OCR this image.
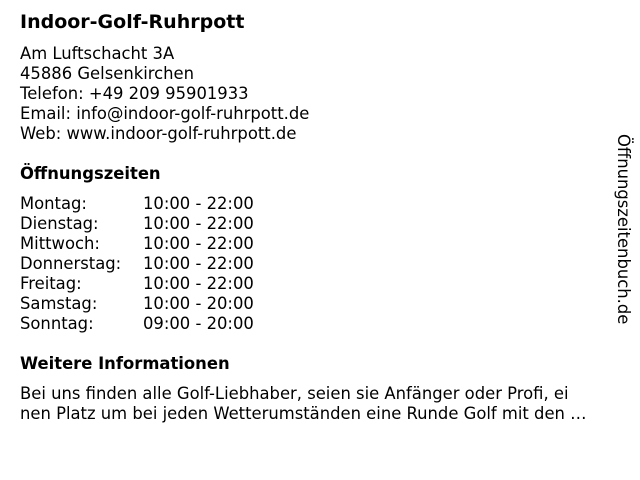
Indoor-Golf-Ruhrpott
Am Luftschacht 3A
45886 Gelsenkirchen
Telefon: +49 209 95901933
Email: info@indoor-golf-ruhrpott.de
Web: www.indoor-golf-ruhrpott.de
Öffnungszeiten
Montag:	10:00 - 22:00
Dienstag:	10:00 - 22:00
Mittwoch:	10:00 - 22:00
Donnerstag: 10:00 - 22:00
Freitag:	10:00 - 22:00
Samstag:	10:00 - 20:00
Sonntag:	09:00 - 20:00
Weitere Informationen
Bei uns finden alle Golf-Liebhaber, seien sie Anfänger oder Profi, ei
nen Platz um bei jeden Wetterumständen eine Runde Golf mit den …
Öffnungszeitenbuch.de
